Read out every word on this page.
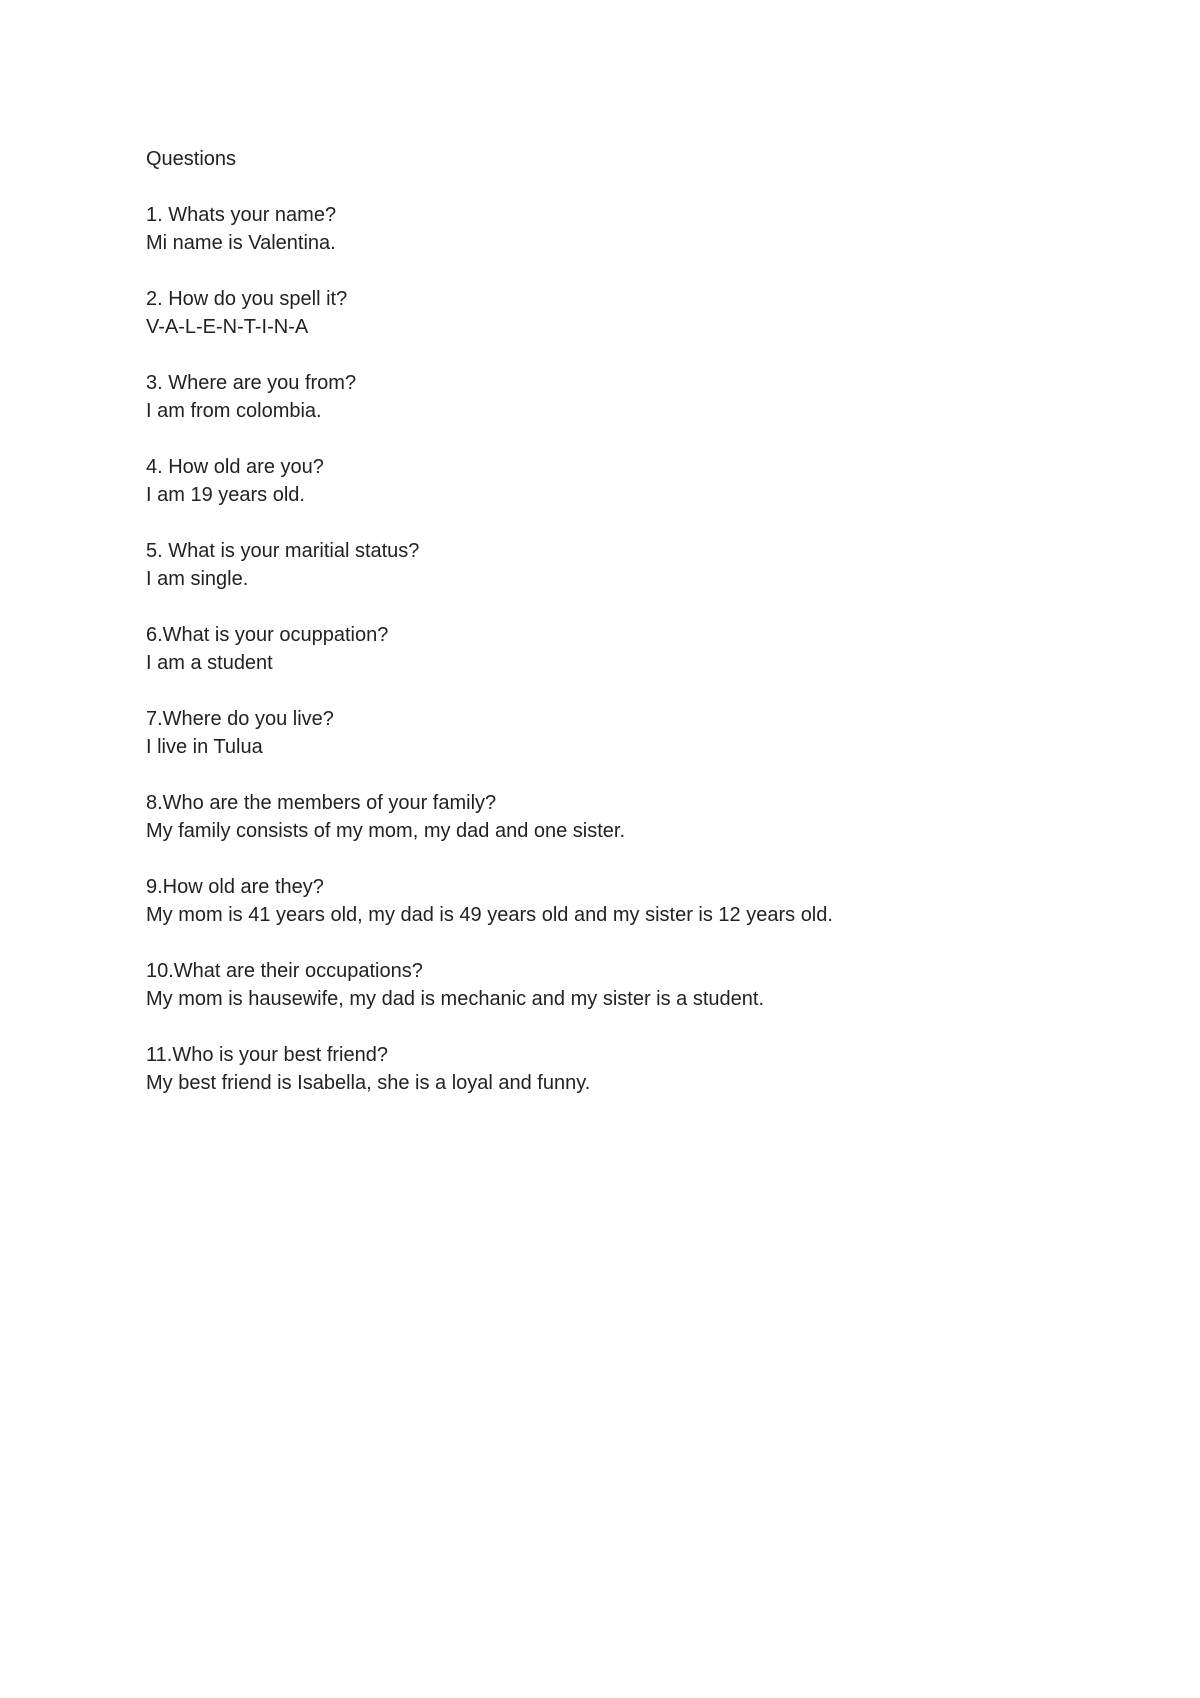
Questions
1. Whats your name?
Mi name is Valentina.
2. How do you spell it?
V-A-L-E-N-T-I-N-A
3. Where are you from?
I am from colombia.
4. How old are you?
I am 19 years old.
5. What is your maritial status?
I am single.
6.What is your ocuppation?
I am a student
7.Where do you live?
I live in Tulua
8.Who are the members of your family?
My family consists of my mom, my dad and one sister.
9.How old are they?
My mom is 41 years old, my dad is 49 years old and my sister is 12 years old.
10.What are their occupations?
My mom is hausewife, my dad is mechanic and my sister is a student.
11.Who is your best friend?
My best friend is Isabella, she is a loyal and funny.
